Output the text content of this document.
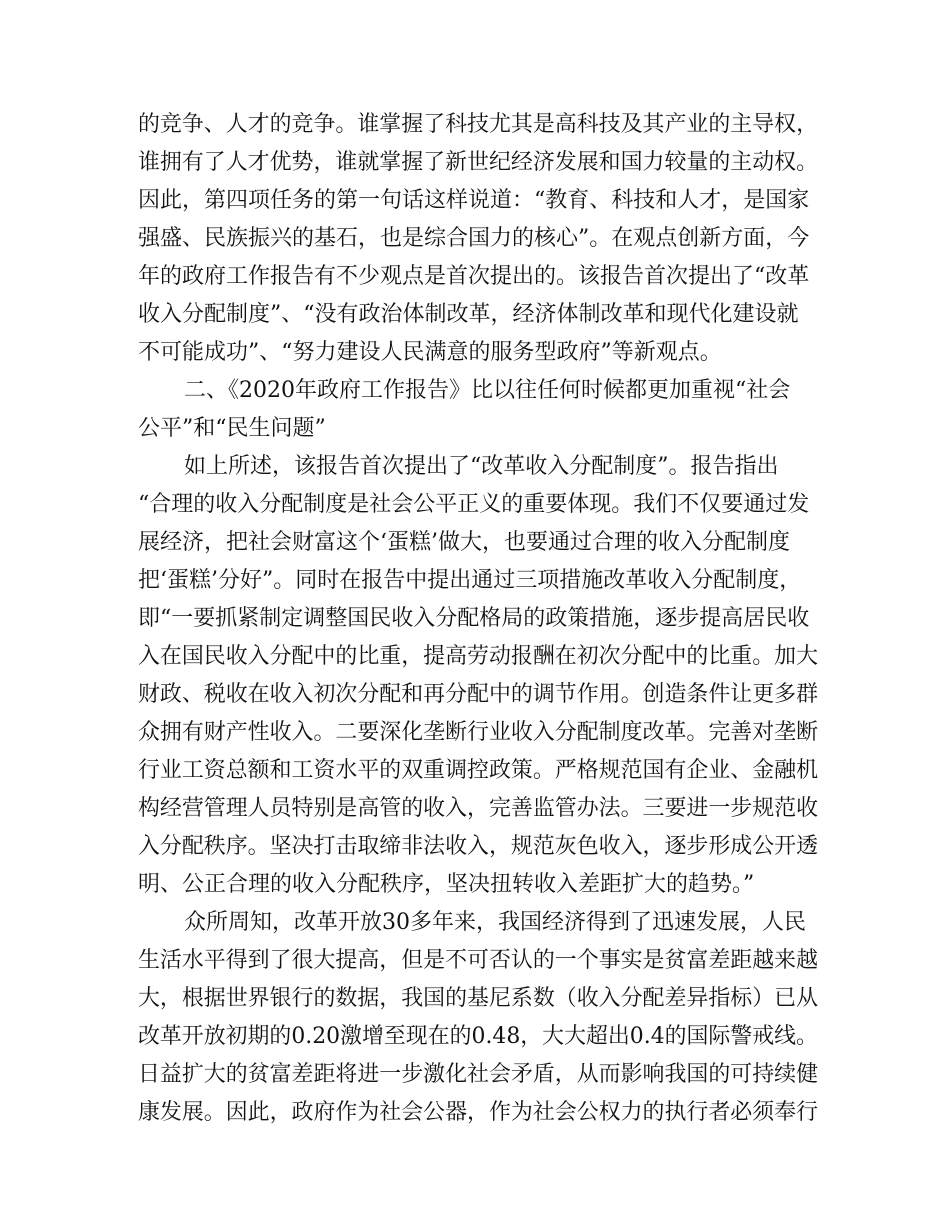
的竞争、人才的竞争。谁掌握了科技尤其是高科技及其产业的主导权，
谁拥有了人才优势，谁就掌握了新世纪经济发展和国力较量的主动权。
因此，第四项任务的第一句话这样说道：“教育、科技和人才，是国家
强盛、民族振兴的基石，也是综合国力的核心”。在观点创新方面，今
年的政府工作报告有不少观点是首次提出的。该报告首次提出了“改革
收入分配制度”、“没有政治体制改革，经济体制改革和现代化建设就
不可能成功”、“努力建设人民满意的服务型政府”等新观点。
二、《2020年政府工作报告》比以往任何时候都更加重视“社会
公平”和“民生问题”
如上所述，该报告首次提出了“改革收入分配制度”。报告指出
“合理的收入分配制度是社会公平正义的重要体现。我们不仅要通过发
展经济，把社会财富这个‘蛋糕’做大，也要通过合理的收入分配制度
把‘蛋糕’分好”。同时在报告中提出通过三项措施改革收入分配制度，
即“一要抓紧制定调整国民收入分配格局的政策措施，逐步提高居民收
入在国民收入分配中的比重，提高劳动报酬在初次分配中的比重。加大
财政、税收在收入初次分配和再分配中的调节作用。创造条件让更多群
众拥有财产性收入。二要深化垄断行业收入分配制度改革。完善对垄断
行业工资总额和工资水平的双重调控政策。严格规范国有企业、金融机
构经营管理人员特别是高管的收入，完善监管办法。三要进一步规范收
入分配秩序。坚决打击取缔非法收入，规范灰色收入，逐步形成公开透
明、公正合理的收入分配秩序，坚决扭转收入差距扩大的趋势。”
众所周知，改革开放30多年来，我国经济得到了迅速发展，人民
生活水平得到了很大提高，但是不可否认的一个事实是贫富差距越来越
大，根据世界银行的数据，我国的基尼系数（收入分配差异指标）已从
改革开放初期的0.20激增至现在的0.48，大大超出0.4的国际警戒线。
日益扩大的贫富差距将进一步激化社会矛盾，从而影响我国的可持续健
康发展。因此，政府作为社会公器，作为社会公权力的执行者必须奉行
